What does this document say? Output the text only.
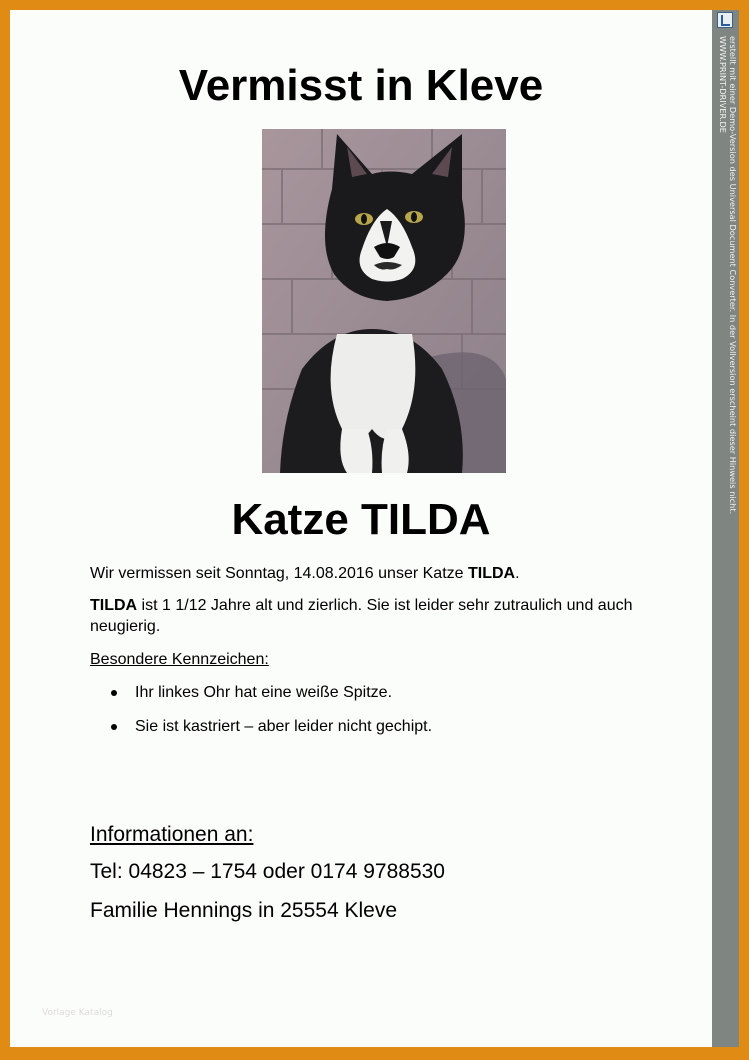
erstellt mit einer Demo-Version des Universal Document Converter. In der Vollversion erscheint dieser Hinweis nicht.
WWW.PRINT-DRIVER.DE
Vermisst in Kleve
Katze TILDA

Wir vermissen seit Sonntag, 14.08.2016 unser Katze TILDA.

TILDA ist 1 1/12 Jahre alt und zierlich. Sie ist leider sehr zutraulich und auch neugierig.

Besondere Kennzeichen:

Ihr linkes Ohr hat eine weiße Spitze.
Sie ist kastriert – aber leider nicht gechipt.

Informationen an:

Tel: 04823 – 1754 oder 0174 9788530

Familie Hennings in 25554 Kleve

Vorlage Katalog
